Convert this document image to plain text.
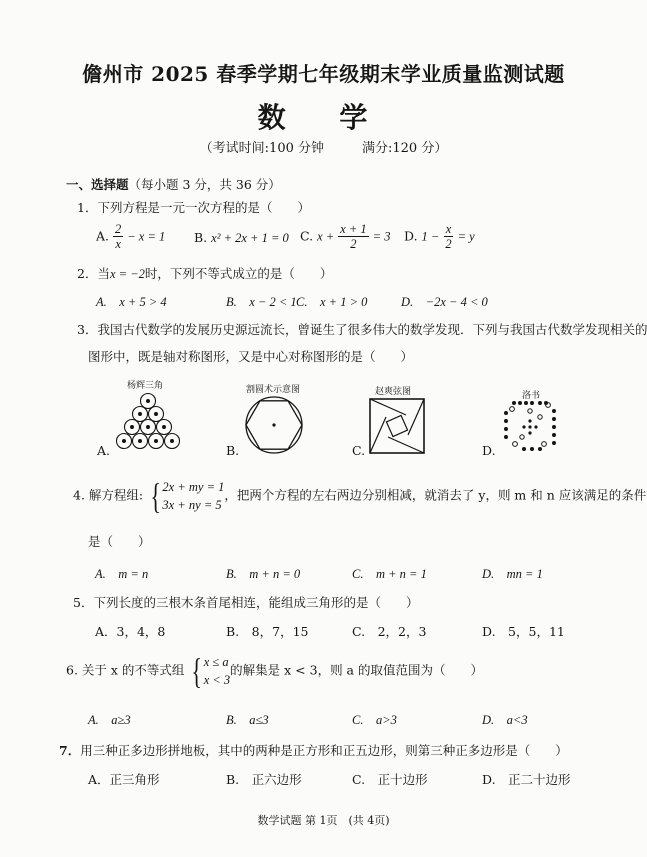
儋州市 2025 春季学期七年级期末学业质量监测试题
数 学
（考试时间:100 分钟	满分:120 分）
一、选择题（每小题 3 分，共 36 分）
1．下列方程是一元一次方程的是（　　）
A. $\frac{2}{x} - x = 1$ B. x² + 2x + 1 = 0 C. $x + \frac{x + 1}{2} = 3$ D. $1 - \frac{x}{2} = y$
2．当x = −2时，下列不等式成立的是（　　）
A.　x + 5 > 4	B.　x − 2 < 1 C.　x + 1 > 0	D.　−2x − 4 < 0
3．我国古代数学的发展历史源远流长，曾诞生了很多伟大的数学发现．下列与我国古代数学发现相关的
图形中，既是轴对称图形，又是中心对称图形的是（　　）
杨辉三角	割圆术示意图	赵爽弦图	洛书
A.	B.	C.	D.
4. 解方程组: { 2x + my = 1
3x + ny = 5
，把两个方程的左右两边分别相减，就消去了 y，则 m 和 n 应该满足的条件
是（　　）
A.　m = n	B.　m + n = 0	C.　m + n = 1	D.　mn = 1
5．下列长度的三根木条首尾相连，能组成三角形的是（　　）
A．3，4，8	B.　8，7，15	C.　2，2，3	D.　5，5，11
6. 关于 x 的不等式组 { x ≤ a
x < 3
的解集是 x < 3，则 a 的取值范围为（　　）
A.　a≥3	B.　a≤3	C.　a>3	D.　a<3
7．用三种正多边形拼地板，其中的两种是正方形和正五边形，则第三种正多边形是（　　）
A．正三角形	B.　正六边形	C.　正十边形	D.　正二十边形
数学试题 第 1页　(共 4页)
